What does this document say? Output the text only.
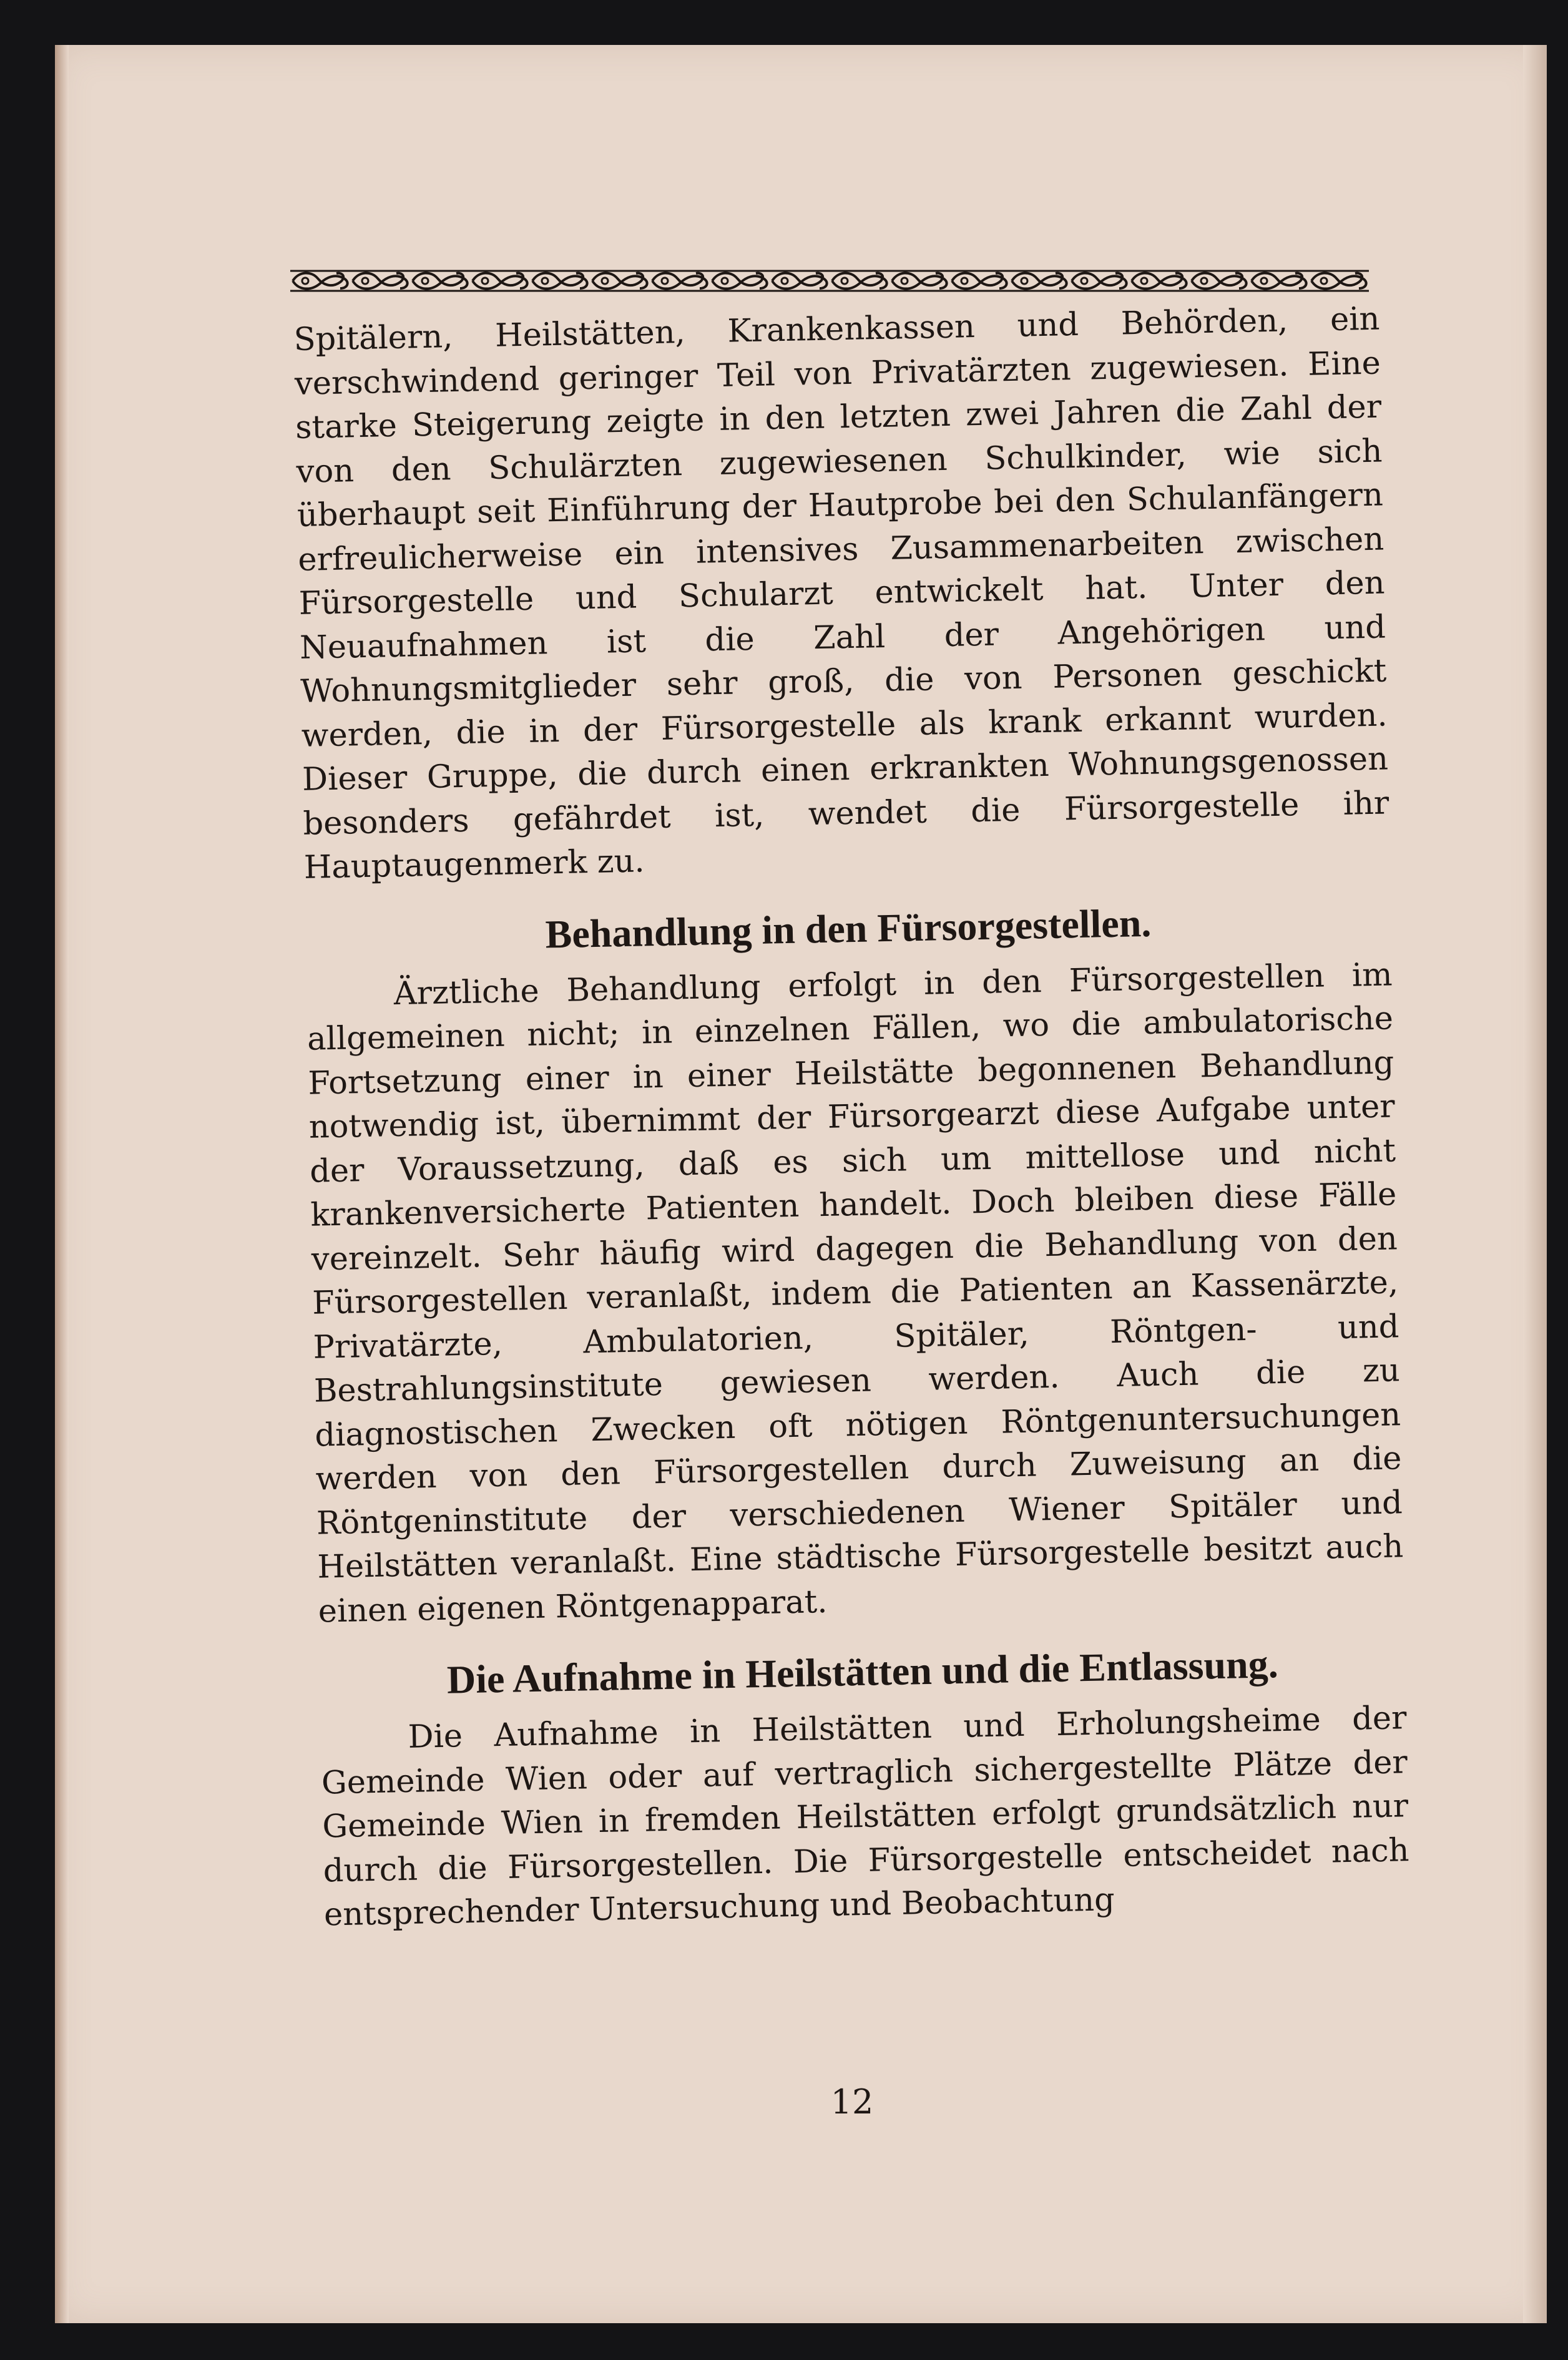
Spitälern, Heilstätten, Krankenkassen und Behörden, ein verschwindend geringer Teil von Privatärzten zugewiesen. Eine starke Steigerung zeigte in den letzten zwei Jahren die Zahl der von den Schulärzten zugewiesenen Schulkinder, wie sich überhaupt seit Einführung der Hautprobe bei den Schulanfängern erfreulicherweise ein intensives Zusammenarbeiten zwischen Fürsorgestelle und Schularzt entwickelt hat. Unter den Neuaufnahmen ist die Zahl der Angehörigen und Wohnungsmitglieder sehr groß, die von Personen geschickt werden, die in der Fürsorgestelle als krank erkannt wurden. Dieser Gruppe, die durch einen erkrankten Wohnungsgenossen besonders gefährdet ist, wendet die Fürsorgestelle ihr Hauptaugenmerk zu.

Behandlung in den Fürsorgestellen.

Ärztliche Behandlung erfolgt in den Fürsorgestellen im allgemeinen nicht; in einzelnen Fällen, wo die ambulatorische Fortsetzung einer in einer Heilstätte begonnenen Behandlung notwendig ist, übernimmt der Fürsorgearzt diese Aufgabe unter der Voraussetzung, daß es sich um mittellose und nicht krankenversicherte Patienten handelt. Doch bleiben diese Fälle vereinzelt. Sehr häufig wird dagegen die Behandlung von den Fürsorgestellen veranlaßt, indem die Patienten an Kassenärzte, Privatärzte, Ambulatorien, Spitäler, Röntgen- und Bestrahlungsinstitute gewiesen werden. Auch die zu diagnostischen Zwecken oft nötigen Röntgenuntersuchungen werden von den Fürsorgestellen durch Zuweisung an die Röntgeninstitute der verschiedenen Wiener Spitäler und Heilstätten veranlaßt. Eine städtische Fürsorgestelle besitzt auch einen eigenen Röntgenapparat.

Die Aufnahme in Heilstätten und die Entlassung.

Die Aufnahme in Heilstätten und Erholungsheime der Gemeinde Wien oder auf vertraglich sichergestellte Plätze der Gemeinde Wien in fremden Heilstätten erfolgt grundsätzlich nur durch die Fürsorgestellen. Die Fürsorgestelle entscheidet nach entsprechender Untersuchung und Beobachtung

12
